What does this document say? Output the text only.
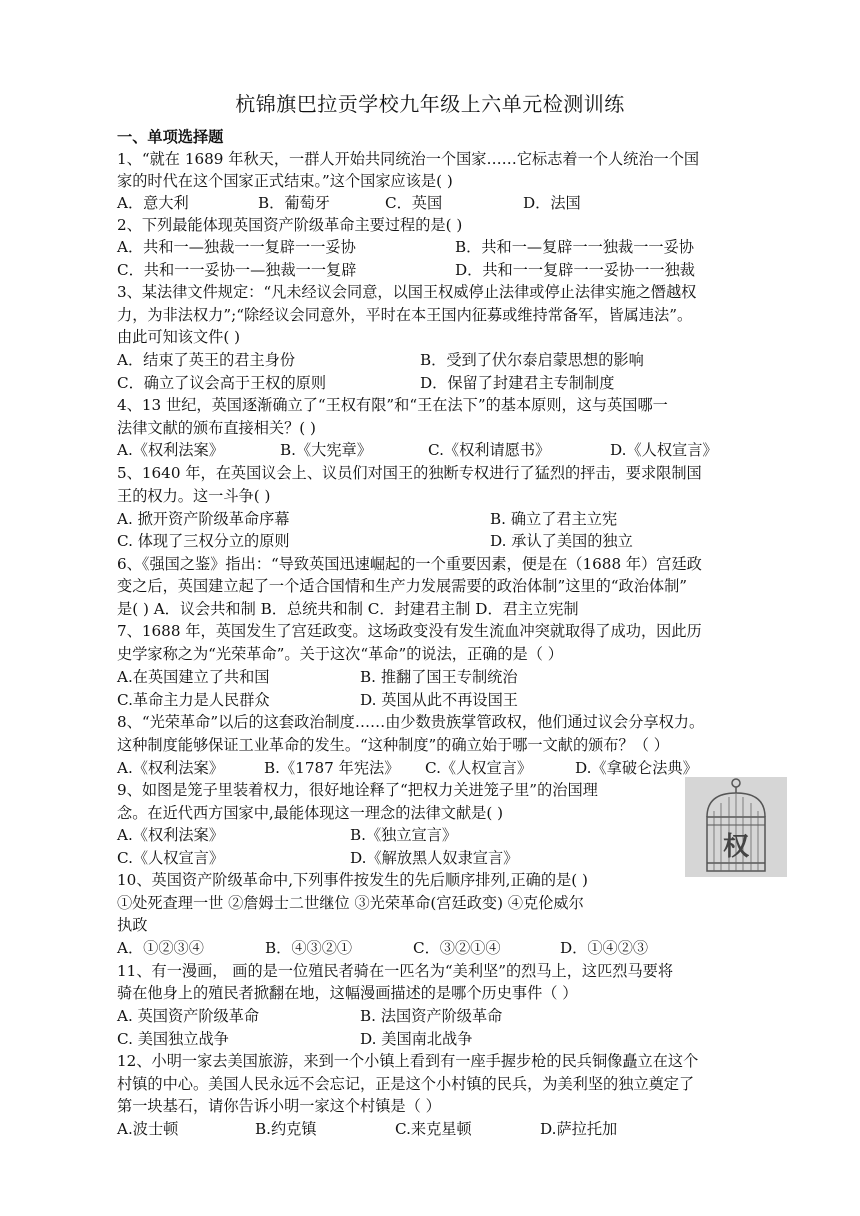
杭锦旗巴拉贡学校九年级上六单元检测训练
一、单项选择题
1、“就在 1689 年秋天，一群人开始共同统治一个国家……它标志着一个人统治一个国
家的时代在这个国家正式结束。”这个国家应该是( )
A．意大利	B．葡萄牙	C．英国	D．法国
2、下列最能体现英国资产阶级革命主要过程的是( )
A．共和一—独裁一一复辟一一妥协	B．共和一—复辟一一独裁一一妥协
C．共和一一妥协一—独裁一一复辟	D．共和一一复辟一一妥协一一独裁
3、某法律文件规定：“凡未经议会同意，以国王权威停止法律或停止法律实施之僭越权
力，为非法权力”;“除经议会同意外，平时在本王国内征募或维持常备军，皆属违法”。
由此可知该文件( )
A．结束了英王的君主身份	B．受到了伏尔泰启蒙思想的影响
C．确立了议会高于王权的原则	D．保留了封建君主专制制度
4、13 世纪，英国逐渐确立了“王权有限”和“王在法下”的基本原则，这与英国哪一
法律文献的颁布直接相关？( )
A.《权利法案》	B.《大宪章》	C.《权利请愿书》	D.《人权宣言》
5、1640 年，在英国议会上、议员们对国王的独断专权进行了猛烈的抨击，要求限制国
王的权力。这一斗争( )
A. 掀开资产阶级革命序幕	B. 确立了君主立宪
C. 体现了三权分立的原则	D. 承认了美国的独立
6、《强国之鉴》指出：“导致英国迅速崛起的一个重要因素，便是在（1688 年）宫廷政
变之后，英国建立起了一个适合国情和生产力发展需要的政治体制”这里的“政治体制”
是( ) A．议会共和制 B．总统共和制 C．封建君主制 D．君主立宪制
7、1688 年，英国发生了宫廷政变。这场政变没有发生流血冲突就取得了成功，因此历
史学家称之为“光荣革命”。关于这次“革命”的说法，正确的是（ ）
A.在英国建立了共和国	B. 推翻了国王专制统治
C.革命主力是人民群众	D. 英国从此不再设国王
8、“光荣革命”以后的这套政治制度……由少数贵族掌管政权，他们通过议会分享权力。
这种制度能够保证工业革命的发生。“这种制度”的确立始于哪一文献的颁布？（ ）
A.《权利法案》	B.《1787 年宪法》 C.《人权宣言》	D.《拿破仑法典》
9、如图是笼子里装着权力，很好地诠释了“把权力关进笼子里”的治国理
念。在近代西方国家中,最能体现这一理念的法律文献是( )
A.《权利法案》	B.《独立宣言》
C.《人权宣言》	D.《解放黑人奴隶宣言》	权
10、英国资产阶级革命中,下列事件按发生的先后顺序排列,正确的是( )
①处死查理一世 ②詹姆士二世继位 ③光荣革命(宫廷政变) ④克伦威尔
执政
A．①②③④	B．④③②①	C．③②①④	D．①④②③
11、有一漫画， 画的是一位殖民者骑在一匹名为“美利坚”的烈马上，这匹烈马要将
骑在他身上的殖民者掀翻在地，这幅漫画描述的是哪个历史事件（ ）
A. 英国资产阶级革命	B. 法国资产阶级革命
C. 美国独立战争	D. 美国南北战争
12、小明一家去美国旅游，来到一个小镇上看到有一座手握步枪的民兵铜像矗立在这个
村镇的中心。美国人民永远不会忘记，正是这个小村镇的民兵，为美利坚的独立奠定了
第一块基石，请你告诉小明一家这个村镇是（ ）
A.波士顿	B.约克镇	C.来克星顿	D.萨拉托加
